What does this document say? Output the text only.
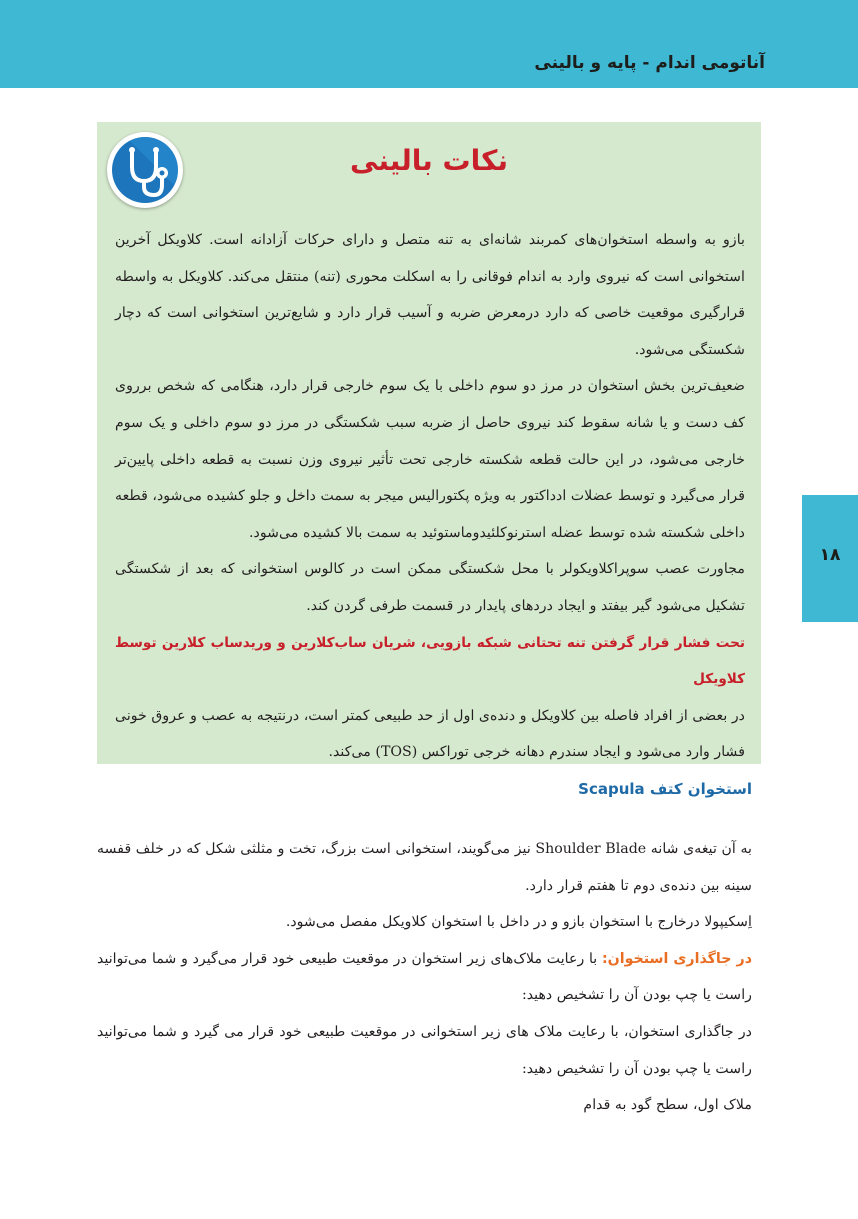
آناتومی اندام - پایه و بالینی
۱۸
نکات بالینی

بازو به واسطه استخوان‌های کمربند شانه‌ای به تنه متصل و دارای حرکات آزادانه است. کلاویکل آخرین استخوانی است که نیروی وارد به اندام فوقانی را به اسکلت محوری (تنه) منتقل می‌کند. کلاویکل به واسطه قرارگیری موقعیت خاصی که دارد درمعرض ضربه و آسیب قرار دارد و شایع‌ترین استخوانی است که دچار شکستگی می‌شود.

ضعیف‌ترین بخش استخوان در مرز دو سوم داخلی با یک سوم خارجی قرار دارد، هنگامی که شخص برروی کف دست و یا شانه سقوط کند نیروی حاصل از ضربه سبب شکستگی در مرز دو سوم داخلی و یک سوم خارجی می‌شود، در این حالت قطعه شکسته خارجی تحت تأثیر نیروی وزن نسبت به قطعه داخلی پایین‌تر قرار می‌گیرد و توسط عضلات ادداکتور به ویژه پکتورالیس میجر به سمت داخل و جلو کشیده می‌شود، قطعه داخلی شکسته شده توسط عضله استرنوکلئیدوماستوئید به سمت بالا کشیده می‌شود.

مجاورت عصب سوپراکلاویکولر با محل شکستگی ممکن است در کالوس استخوانی که بعد از شکستگی تشکیل می‌شود گیر بیفتد و ایجاد دردهای پایدار در قسمت طرفی گردن کند.

تحت فشار قرار گرفتن تنه تحتانی شبکه بازویی، شریان ساب‌کلارین و وریدساب کلارین توسط کلاویکل

در بعضی از افراد فاصله بین کلاویکل و دنده‌ی اول از حد طبیعی کمتر است، درنتیجه به عصب و عروق خونی فشار وارد می‌شود و ایجاد سندرم دهانه خرجی توراکس (TOS) می‌کند.

استخوان کتف Scapula

به آن تیغه‌ی شانه Shoulder Blade نیز می‌گویند، استخوانی است بزرگ، تخت و مثلثی شکل که در خلف قفسه سینه بین دنده‌ی دوم تا هفتم قرار دارد.

اِسکیپولا درخارج با استخوان بازو و در داخل با استخوان کلاویکل مفصل می‌شود.

در جاگذاری استخوان: با رعایت ملاک‌های زیر استخوان در موقعیت طبیعی خود قرار می‌گیرد و شما می‌توانید راست یا چپ بودن آن را تشخیص دهید:

در جاگذاری استخوان، با رعایت ملاک های زیر استخوانی در موقعیت طبیعی خود قرار می گیرد و شما می‌توانید راست یا چپ بودن آن را تشخیص دهید:

ملاک اول، سطح گود به قدام
